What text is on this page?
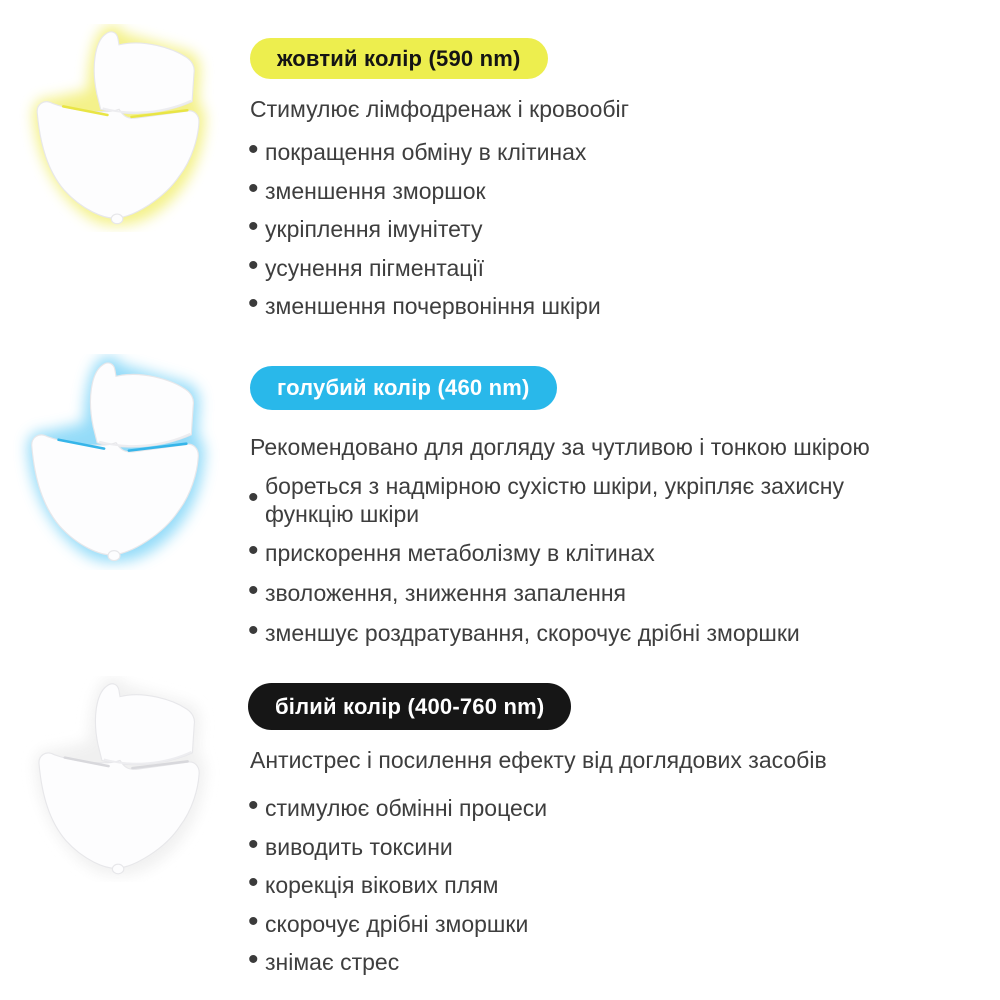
жовтий колір (590 nm)
Стимулює лімфодренаж і кровообіг
• покращення обміну в клітинах
• зменшення зморшок
• укріплення імунітету
• усунення пігментації
• зменшення почервоніння шкіри
голубий колір (460 nm)
Рекомендовано для догляду за чутливою і тонкою шкірою
• бореться з надмірною сухістю шкіри, укріпляє захисну функцію шкіри
• прискорення метаболізму в клітинах
• зволоження, зниження запалення
• зменшує роздратування, скорочує дрібні зморшки
білий колір (400-760 nm)
Антистрес і посилення ефекту від доглядових засобів
• стимулює обмінні процеси
• виводить токсини
• корекція вікових плям
• скорочує дрібні зморшки
• знімає стрес
